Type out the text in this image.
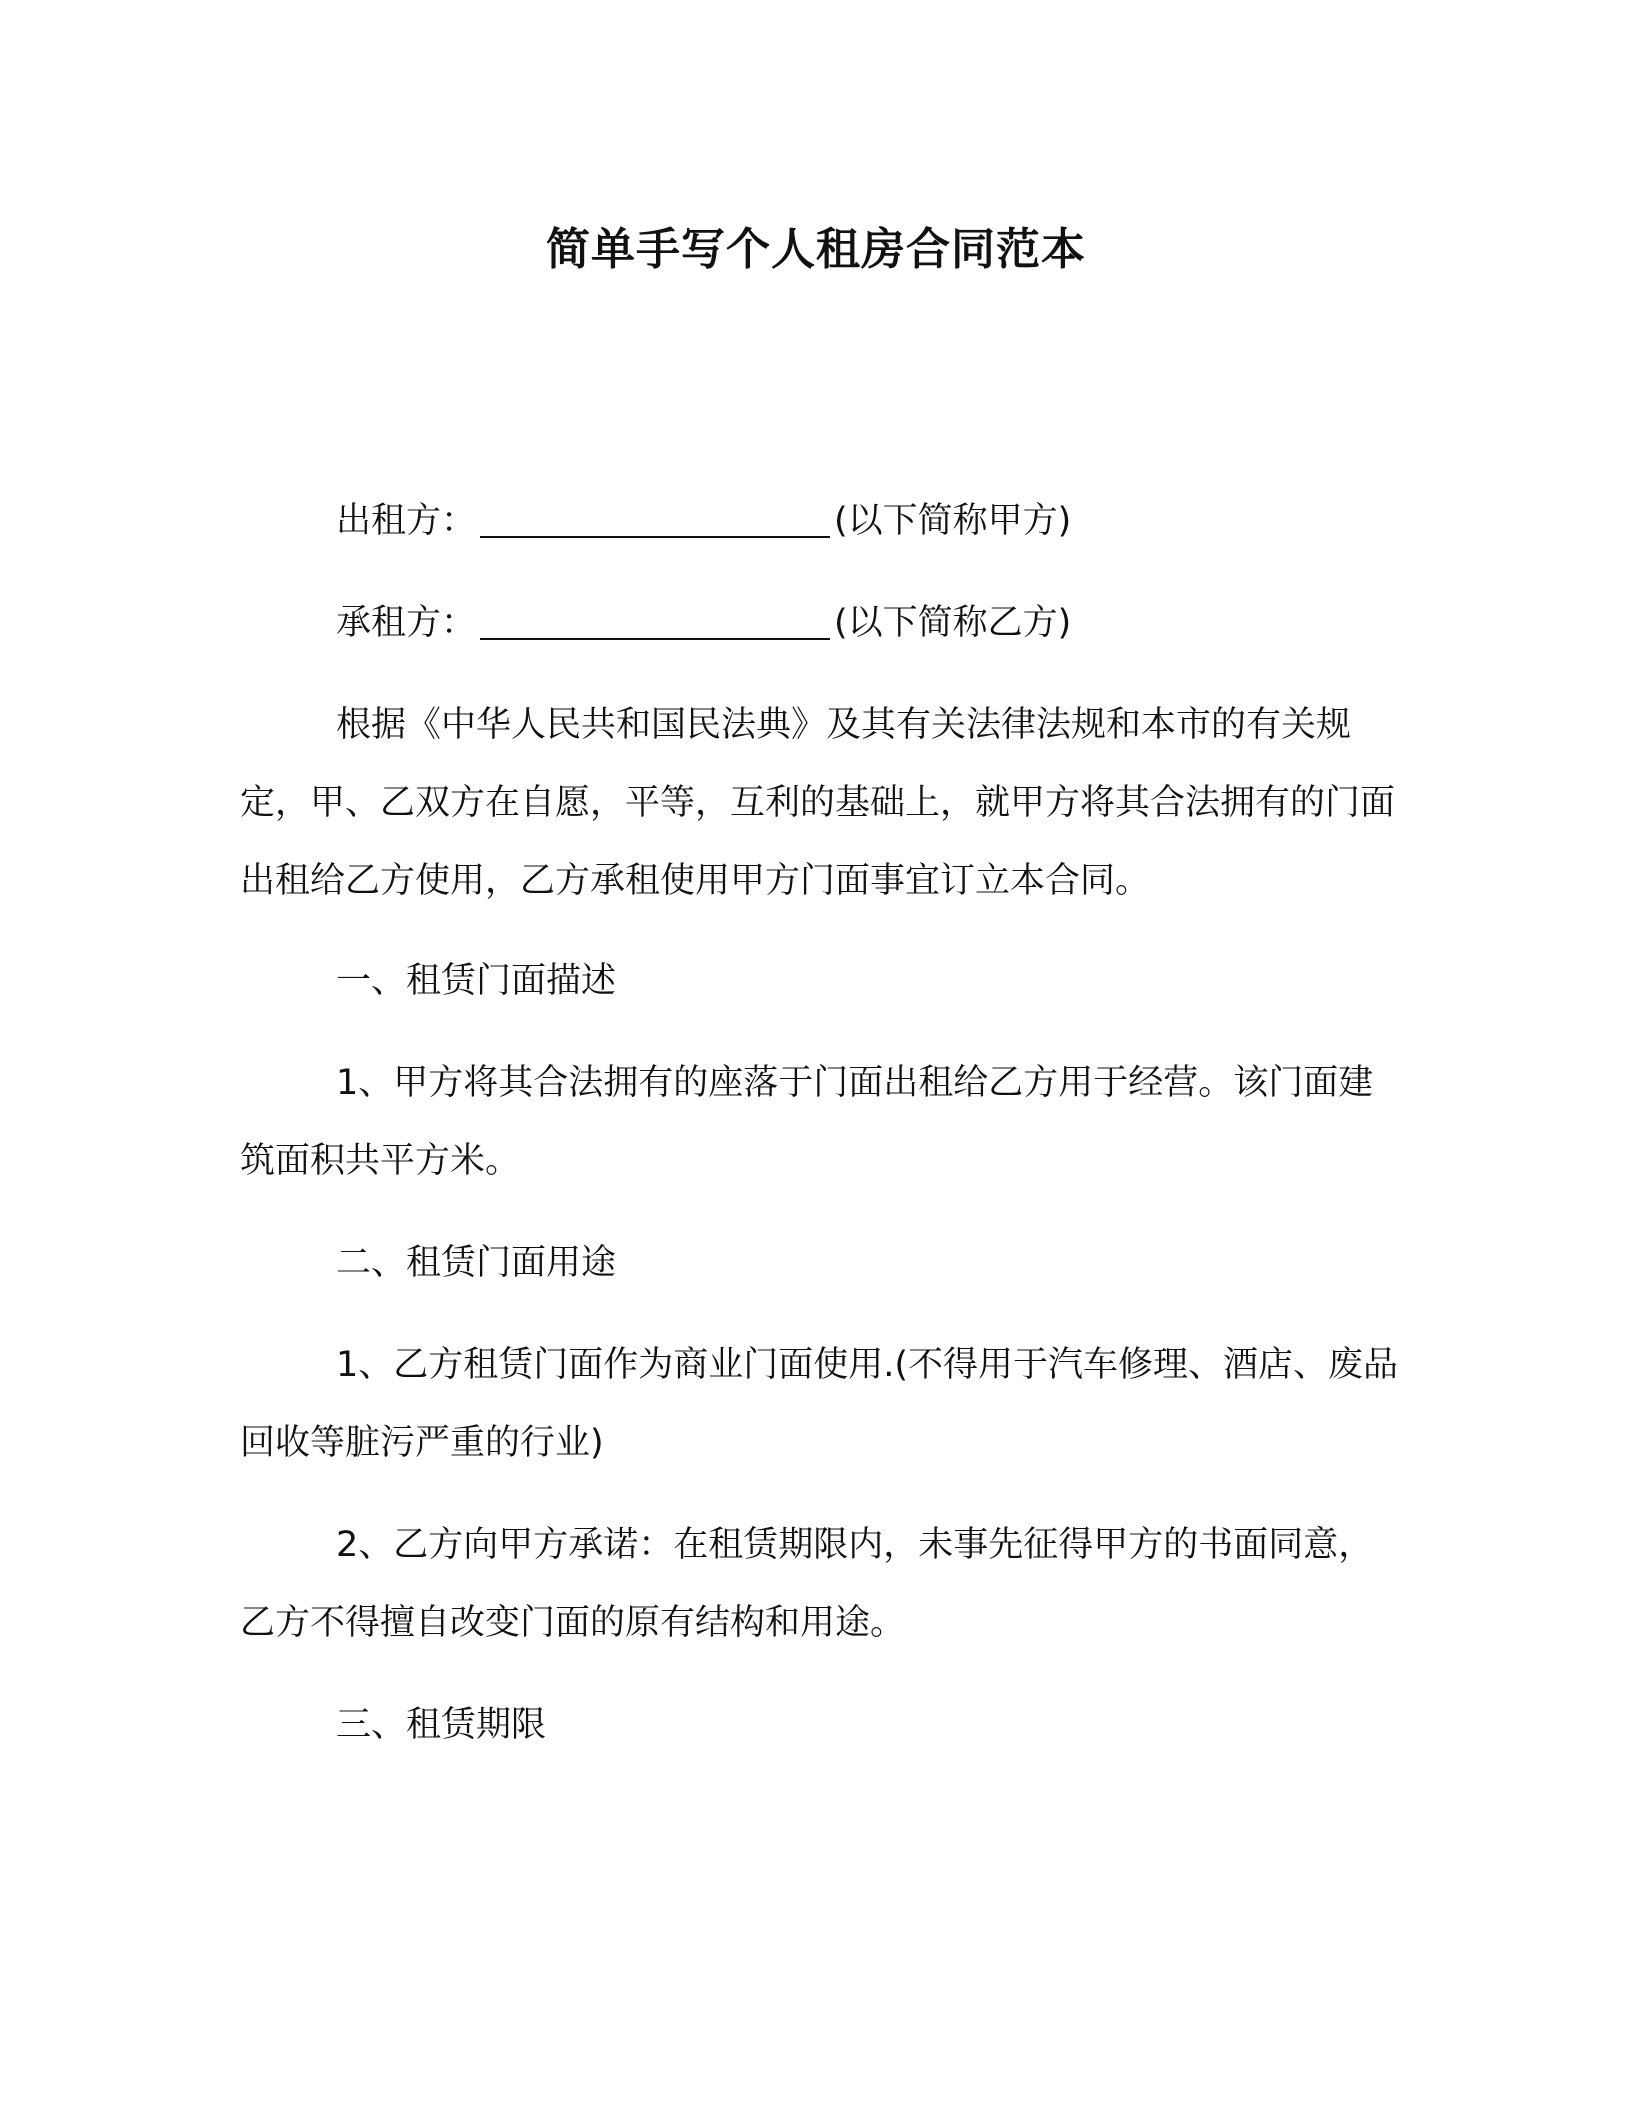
简单手写个人租房合同范本
出租方：	(以下简称甲方)
承租方：	(以下简称乙方)
根据《中华人民共和国民法典》及其有关法律法规和本市的有关规定，甲、乙双方在自愿，平等，互利的基础上，就甲方将其合法拥有的门面出租给乙方使用，乙方承租使用甲方门面事宜订立本合同。
一、租赁门面描述
1、甲方将其合法拥有的座落于门面出租给乙方用于经营。该门面建筑面积共平方米。
二、租赁门面用途
1、乙方租赁门面作为商业门面使用.(不得用于汽车修理、酒店、废品回收等脏污严重的行业)
2、乙方向甲方承诺：在租赁期限内，未事先征得甲方的书面同意，乙方不得擅自改变门面的原有结构和用途。
三、租赁期限
